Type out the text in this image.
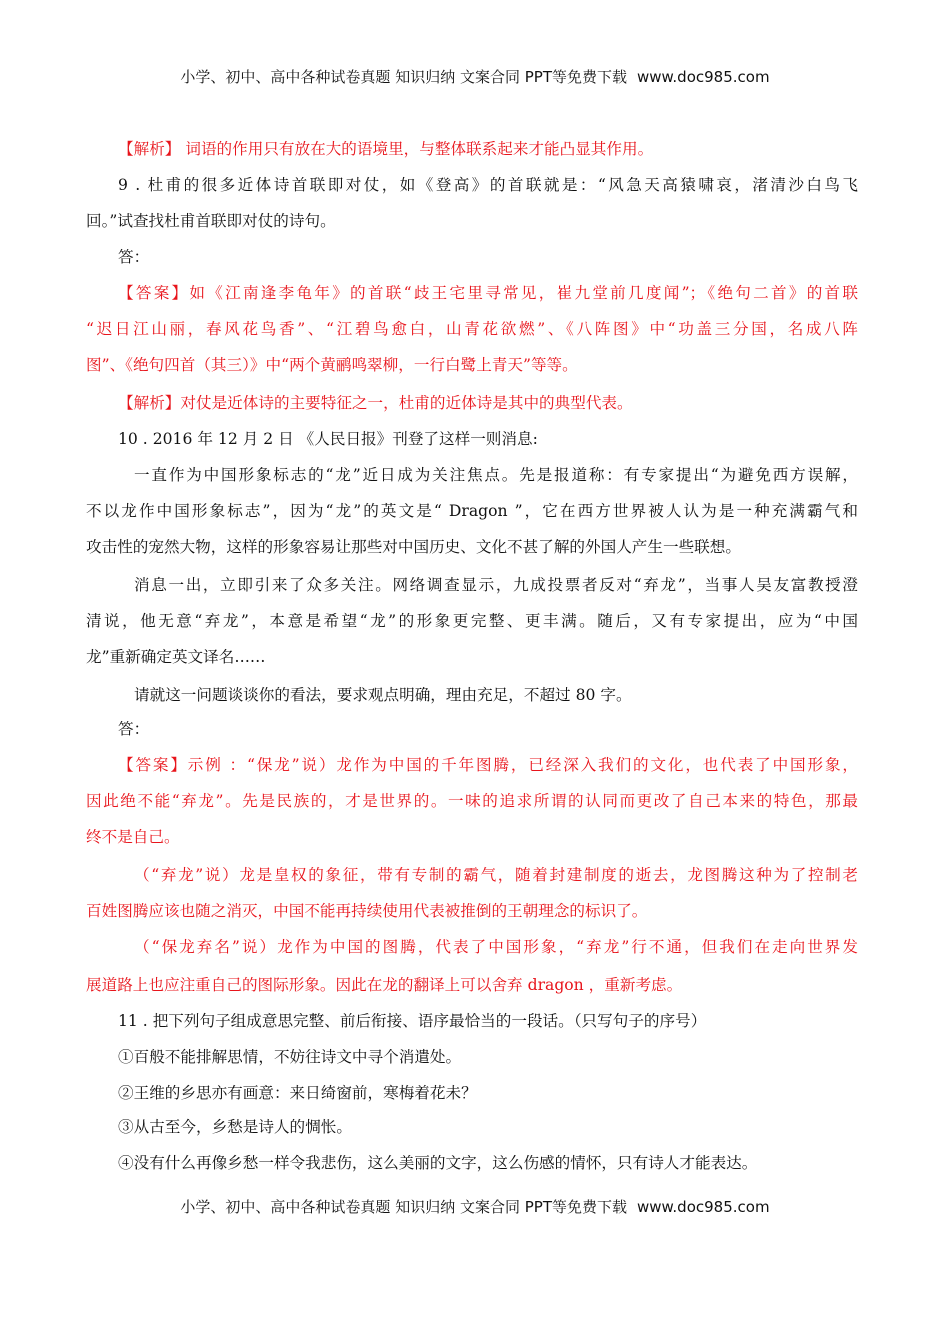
小学、初中、高中各种试卷真题 知识归纳 文案合同 PPT等免费下载 www.doc985.com
【解析】 词语的作用只有放在大的语境里，与整体联系起来才能凸显其作用。
9 . 杜甫的很多近体诗首联即对仗，如《登高》的首联就是：“风急天高猿啸哀，渚清沙白鸟飞
回。”试查找杜甫首联即对仗的诗句。
答：
【答案】如《江南逢李龟年》的首联“歧王宅里寻常见，崔九堂前几度闻”；《绝句二首》的首联
“迟日江山丽，春风花鸟香”、“江碧鸟愈白，山青花欲燃”、《八阵图》中“功盖三分国，名成八阵
图”、《绝句四首（其三）》中“两个黄鹂鸣翠柳，一行白鹭上青天”等等。
【解析】对仗是近体诗的主要特征之一，杜甫的近体诗是其中的典型代表。
10 . 2016 年 12 月 2 日 《人民日报》刊登了这样一则消息:
一直作为中国形象标志的“龙”近日成为关注焦点。先是报道称：有专家提出“为避免西方误解，
不以龙作中国形象标志”，因为“龙”的英文是“ Dragon ”，它在西方世界被人认为是一种充满霸气和
攻击性的宠然大物，这样的形象容易让那些对中国历史、文化不甚了解的外国人产生一些联想。
消息一出，立即引来了众多关注。网络调查显示，九成投票者反对“弃龙”，当事人吴友富教授澄
清说，他无意“弃龙”，本意是希望“龙”的形象更完整、更丰满。随后，又有专家提出，应为“中国
龙”重新确定英文译名……
请就这一问题谈谈你的看法，要求观点明确，理由充足，不超过 80 字。
答：
【答案】示例 ：“保龙”说）龙作为中国的千年图腾，已经深入我们的文化，也代表了中国形象，
因此绝不能“弃龙”。先是民族的，才是世界的。一味的追求所谓的认同而更改了自己本来的特色，那最
终不是自己。
（“弃龙”说）龙是皇权的象征，带有专制的霸气，随着封建制度的逝去，龙图腾这种为了控制老
百姓图腾应该也随之消灭，中国不能再持续使用代表被推倒的王朝理念的标识了。
（“保龙弃名”说）龙作为中国的图腾，代表了中国形象，“弃龙”行不通，但我们在走向世界发
展道路上也应注重自己的图际形象。因此在龙的翻译上可以舍弃 dragon ，重新考虑。
11 . 把下列句子组成意思完整、前后衔接、语序最恰当的一段话。（只写句子的序号）
①百般不能排解思情，不妨往诗文中寻个消遣处。
②王维的乡思亦有画意：来日绮窗前，寒梅着花未？
③从古至今，乡愁是诗人的惆怅。
④没有什么再像乡愁一样令我悲伤，这么美丽的文字，这么伤感的情怀，只有诗人才能表达。
小学、初中、高中各种试卷真题 知识归纳 文案合同 PPT等免费下载 www.doc985.com
